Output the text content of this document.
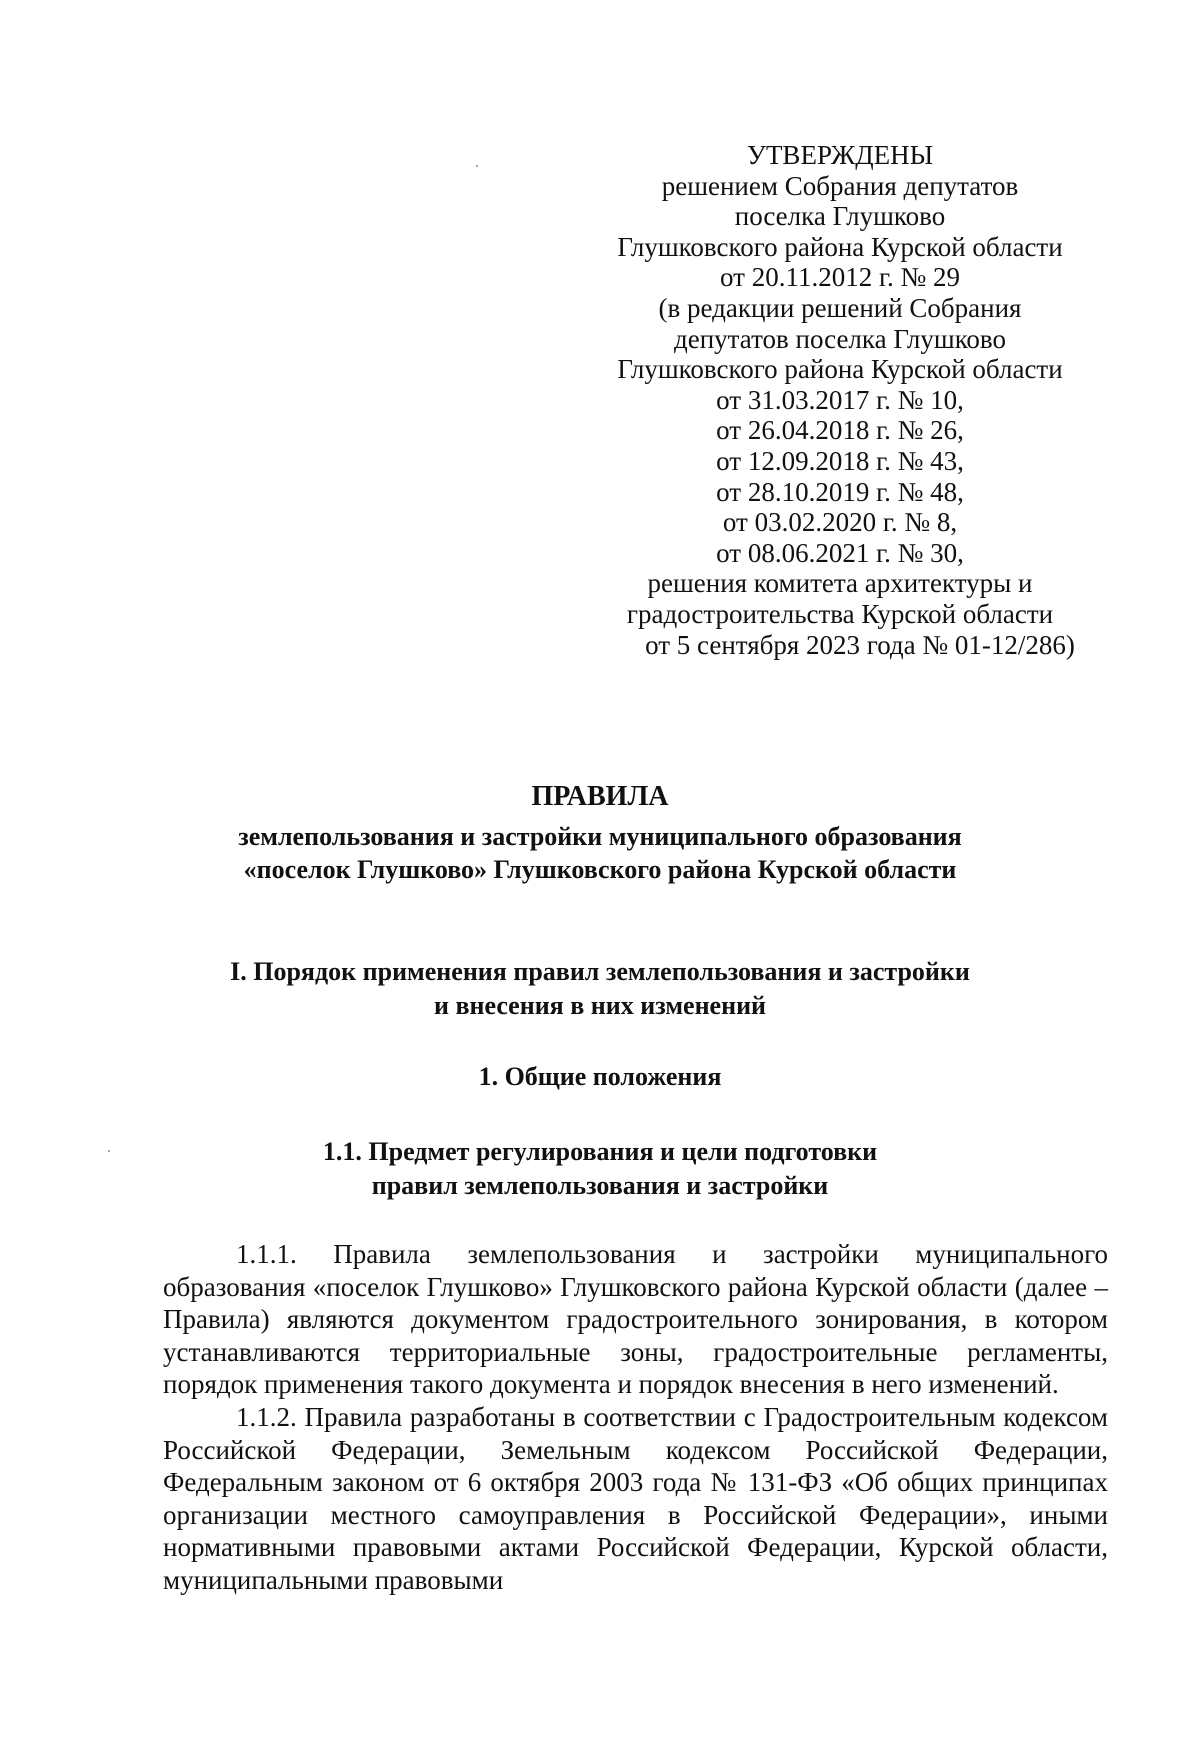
УТВЕРЖДЕНЫ
решением Собрания депутатов
поселка Глушково
Глушковского района Курской области
от 20.11.2012 г. № 29
(в редакции решений Собрания
депутатов поселка Глушково
Глушковского района Курской области
от 31.03.2017 г. № 10,
от 26.04.2018 г. № 26,
от 12.09.2018 г. № 43,
от 28.10.2019 г. № 48,
от 03.02.2020 г. № 8,
от 08.06.2021 г. № 30,
решения комитета архитектуры и
градостроительства Курской области
от 5 сентября 2023 года № 01-12/286)
ПРАВИЛА
землепользования и застройки муниципального образования
«поселок Глушково» Глушковского района Курской области
I. Порядок применения правил землепользования и застройки
и внесения в них изменений
1. Общие положения
1.1. Предмет регулирования и цели подготовки
правил землепользования и застройки

1.1.1. Правила землепользования и застройки муниципального образования «поселок Глушково» Глушковского района Курской области (далее – Правила) являются документом градостроительного зонирования, в котором устанавливаются территориальные зоны, градостроительные регламенты, порядок применения такого документа и порядок внесения в него изменений.

1.1.2. Правила разработаны в соответствии с Градостроительным кодексом Российской Федерации, Земельным кодексом Российской Федерации, Федеральным законом от 6 октября 2003 года № 131-ФЗ «Об общих принципах организации местного самоуправления в Российской Федерации», иными нормативными правовыми актами Российской Федерации, Курской области, муниципальными правовыми
